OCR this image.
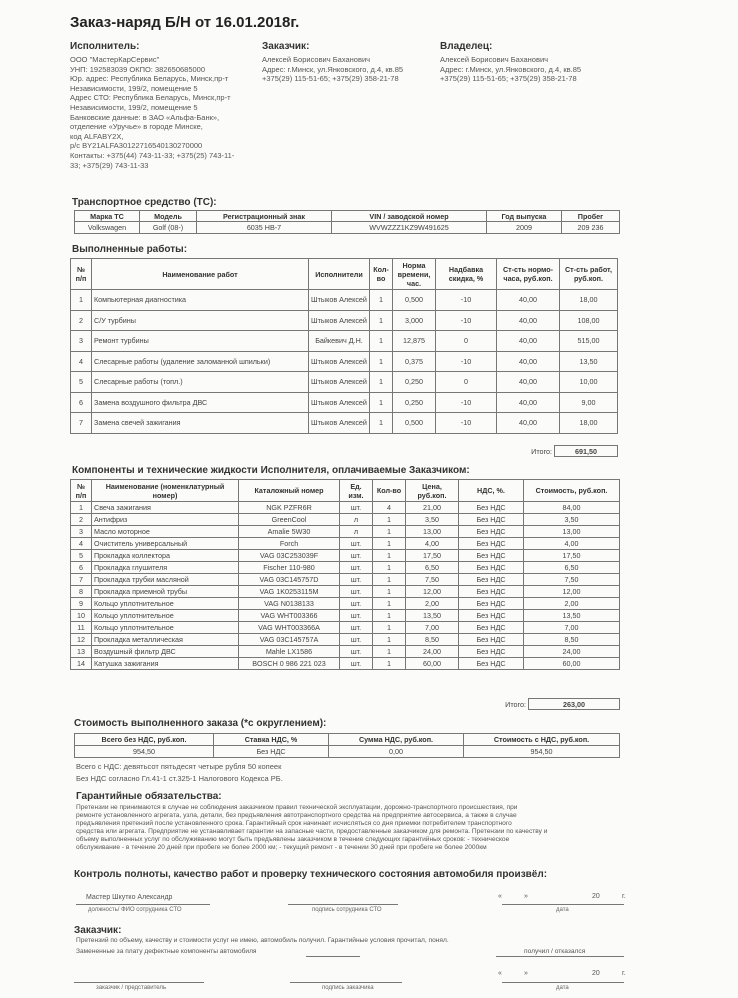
Заказ-наряд Б/Н от 16.01.2018г.
Исполнитель:
ООО "МастерКарСервис"
УНП: 192583039 ОКПО: 382650685000
Юр. адрес: Республика Беларусь, Минск,пр-т
Независимости, 199/2, помещение 5
Адрес СТО: Республика Беларусь, Минск,пр-т
Независимости, 199/2, помещение 5
Банковские данные: в ЗАО «Альфа-Банк»,
отделение «Уручье» в городе Минске,
код ALFABY2X,
р/с BY21ALFA30122716540130270000
Контакты: +375(44) 743-11-33; +375(25) 743-11-
33; +375(29) 743-11-33
Заказчик:
Алексей Борисович Баханович
Адрес: г.Минск, ул.Янковского, д.4, кв.85
+375(29) 115-51-65; +375(29) 358-21-78
Владелец:
Алексей Борисович Баханович
Адрес: г.Минск, ул.Янковского, д.4, кв.85
+375(29) 115-51-65; +375(29) 358-21-78
Транспортное средство (ТС):
Марка ТС	Модель	Регистрационный знак	VIN / заводской номер	Год выпуска	Пробег
Volkswagen	Golf (08-)	6035 НВ-7	WVWZZZ1KZ9W491625	2009	209 236
Выполненные работы:
№ п/п	Наименование работ	Исполнители	Кол-во	Норма времени, час.	Надбавка скидка, %	Ст-сть нормо-часа, руб.коп.	Ст-сть работ, руб.коп.
1	Компьютерная диагностика	Штыков Алексей	1	0,500	-10	40,00	18,00
2	С/У турбины	Штыков Алексей	1	3,000	-10	40,00	108,00
3	Ремонт турбины	Байкевич Д.Н.	1	12,875	0	40,00	515,00
4	Слесарные работы (удаление заломанной шпильки)	Штыков Алексей	1	0,375	-10	40,00	13,50
5	Слесарные работы (топл.)	Штыков Алексей	1	0,250	0	40,00	10,00
6	Замена воздушного фильтра ДВС	Штыков Алексей	1	0,250	-10	40,00	9,00
7	Замена свечей зажигания	Штыков Алексей	1	0,500	-10	40,00	18,00
Итого:	691,50
Компоненты и технические жидкости Исполнителя, оплачиваемые Заказчиком:
№ п/п	Наименование (номенклатурный номер)	Каталожный номер	Ед. изм.	Кол-во	Цена, руб.коп.	НДС, %.	Стоимость, руб.коп.
1	Свеча зажигания	NGK PZFR6R	шт.	4	21,00	Без НДС	84,00
2	Антифриз	GreenCool	л	1	3,50	Без НДС	3,50
3	Масло моторное	Amalie 5W30	л	1	13,00	Без НДС	13,00
4	Очиститель универсальный	Forch	шт.	1	4,00	Без НДС	4,00
5	Прокладка коллектора	VAG 03C253039F	шт.	1	17,50	Без НДС	17,50
6	Прокладка глушителя	Fischer 110-980	шт.	1	6,50	Без НДС	6,50
7	Прокладка трубки масляной	VAG 03C145757D	шт.	1	7,50	Без НДС	7,50
8	Прокладка приемной трубы	VAG 1K0253115M	шт.	1	12,00	Без НДС	12,00
9	Кольцо уплотнительное	VAG N0138133	шт.	1	2,00	Без НДС	2,00
10	Кольцо уплотнительное	VAG WHT003366	шт.	1	13,50	Без НДС	13,50
11	Кольцо уплотнительное	VAG WHT003366A	шт.	1	7,00	Без НДС	7,00
12	Прокладка металлическая	VAG 03C145757A	шт.	1	8,50	Без НДС	8,50
13	Воздушный фильтр ДВС	Mahle LX1586	шт.	1	24,00	Без НДС	24,00
14	Катушка зажигания	BOSCH 0 986 221 023	шт.	1	60,00	Без НДС	60,00
Итого:	263,00
Стоимость выполненного заказа (*с округлением):
Всего без НДС, руб.коп.	Ставка НДС, %	Сумма НДС, руб.коп.	Стоимость с НДС, руб.коп.
954,50	Без НДС	0,00	954,50
Всего с НДС: девятьсот пятьдесят четыре рубля 50 копеек
Без НДС согласно Гл.41-1 ст.325-1 Налогового Кодекса РБ.
Гарантийные обязательства:
Претензии не принимаются в случае не соблюдения заказчиком правил технической эксплуатации, дорожно-транспортного происшествия, при
ремонте установленного агрегата, узла, детали, без предъявления автотранспортного средства на предприятие автосервиса, а также в случае
предъявления претензий после установленного срока. Гарантийный срок начинает исчисляться со дня приемки потребителем транспортного
средства или агрегата. Предприятие не устанавливает гарантии на запасные части, предоставленные заказчиком для ремонта. Претензии по качеству и
объему выполненных услуг по обслуживанию могут быть предъявлены заказчиком в течение следующих гарантийных сроков: - техническое
обслуживание - в течение 20 дней при пробеге не более 2000 км; - текущий ремонт - в течении 30 дней при пробеге не более 2000км
Контроль полноты, качество работ и проверку технического состояния автомобиля произвёл:
Мастер Шкутко Александр
должность/ ФИО сотрудника СТО	подпись сотрудника СТО
«	»	20	г.
дата
Заказчик:
Претензий по объему, качеству и стоимости услуг не имею, автомобиль получил. Гарантийные условия прочитал, понял.
Замененные за плату дефектные компоненты автомобиля	получил / отказался
заказчик / представитель	подпись заказчика
«	»	20	г.
дата
